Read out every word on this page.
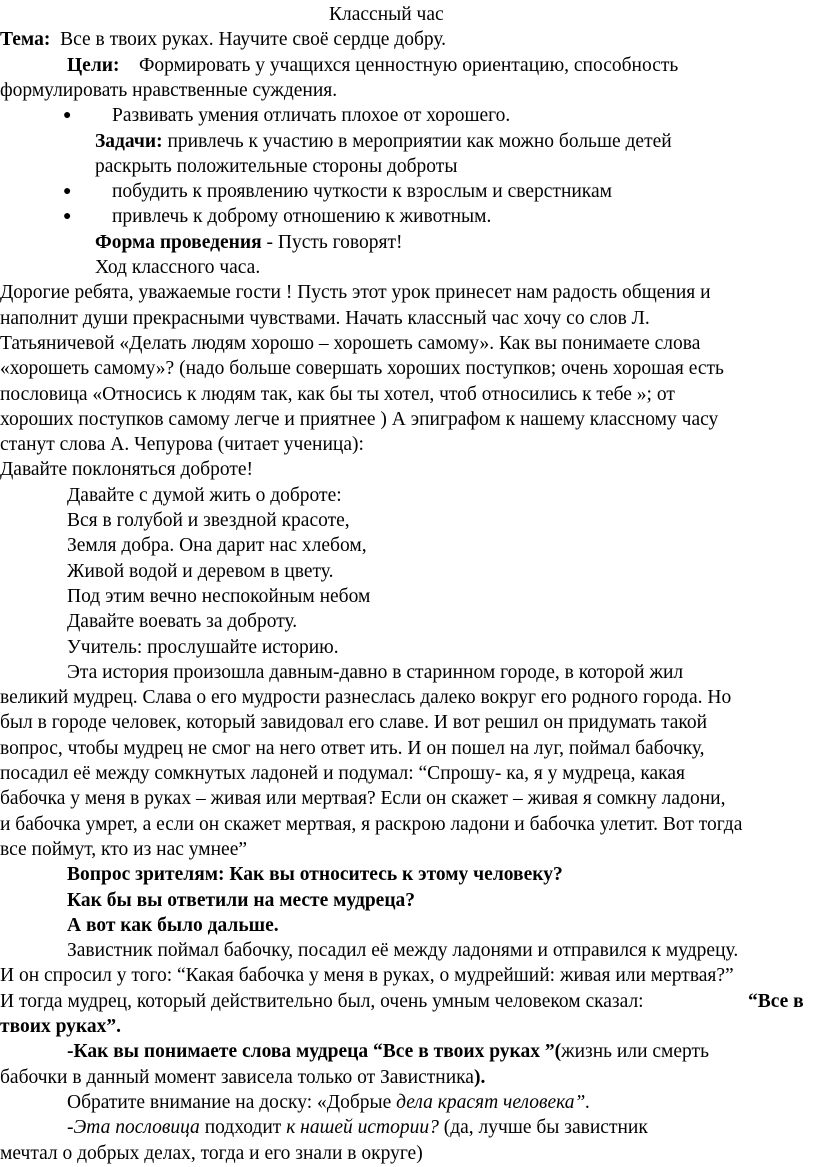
Классный час
Тема: Все в твоих руках. Научите своё сердце добру.
Цели: Формировать у учащихся ценностную ориентацию, способность
формулировать нравственные суждения.
● Развивать умения отличать плохое от хорошего.
Задачи: привлечь к участию в мероприятии как можно больше детей
раскрыть положительные стороны доброты
● побудить к проявлению чуткости к взрослым и сверстникам
● привлечь к доброму отношению к животным.
Форма проведения - Пусть говорят!
Ход классного часа.
Дорогие ребята, уважаемые гости ! Пусть этот урок принесет нам радость общения и
наполнит души прекрасными чувствами. Начать классный час хочу со слов Л.
Татьяничевой «Делать людям хорошо – хорошеть самому». Как вы понимаете слова
«хорошеть самому»? (надо больше совершать хороших поступков; очень хорошая есть
пословица «Относись к людям так, как бы ты хотел, чтоб относились к тебе »; от
хороших поступков самому легче и приятнее ) А эпиграфом к нашему классному часу
станут слова А. Чепурова (читает ученица):
Давайте поклоняться доброте!
Давайте с думой жить о доброте:
Вся в голубой и звездной красоте,
Земля добра. Она дарит нас хлебом,
Живой водой и деревом в цвету.
Под этим вечно неспокойным небом
Давайте воевать за доброту.
Учитель: прослушайте историю.
Эта история произошла давным-давно в старинном городе, в которой жил
великий мудрец. Слава о его мудрости разнеслась далеко вокруг его родного города. Но
был в городе человек, который завидовал его славе. И вот решил он придумать такой
вопрос, чтобы мудрец не смог на него ответ ить. И он пошел на луг, поймал бабочку,
посадил её между сомкнутых ладоней и подумал: “Спрошу- ка, я у мудреца, какая
бабочка у меня в руках – живая или мертвая? Если он скажет – живая я сомкну ладони,
и бабочка умрет, а если он скажет мертвая, я раскрою ладони и бабочка улетит. Вот тогда
все поймут, кто из нас умнее”
Вопрос зрителям: Как вы относитесь к этому человеку?
Как бы вы ответили на месте мудреца?
А вот как было дальше.
Завистник поймал бабочку, посадил её между ладонями и отправился к мудрецу.
И он спросил у того: “Какая бабочка у меня в руках, о мудрейший: живая или мертвая?”
И тогда мудрец, который действительно был, очень умным человеком сказал:	“Все в
твоих руках”.
-Как вы понимаете слова мудреца “Все в твоих руках ”(жизнь или смерть
бабочки в данный момент зависела только от Завистника).
Обратите внимание на доску: «Добрые дела красят человека”.
-Эта пословица подходит к нашей истории? (да, лучше бы завистник
мечтал о добрых делах, тогда и его знали в округе)
